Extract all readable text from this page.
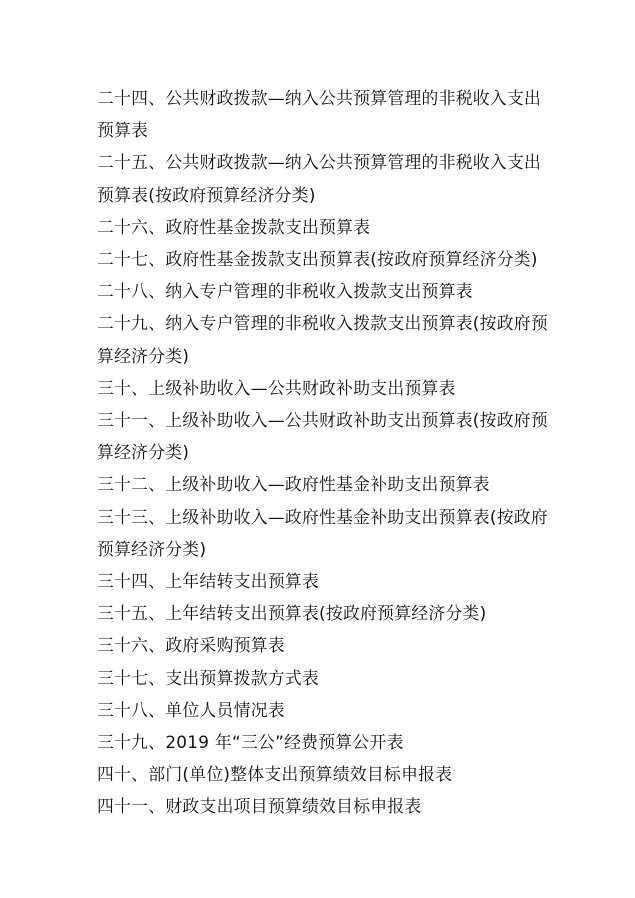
二十四、公共财政拨款—纳入公共预算管理的非税收入支出预算表
二十五、公共财政拨款—纳入公共预算管理的非税收入支出预算表(按政府预算经济分类)
二十六、政府性基金拨款支出预算表
二十七、政府性基金拨款支出预算表(按政府预算经济分类)
二十八、纳入专户管理的非税收入拨款支出预算表
二十九、纳入专户管理的非税收入拨款支出预算表(按政府预算经济分类)
三十、上级补助收入—公共财政补助支出预算表
三十一、上级补助收入—公共财政补助支出预算表(按政府预算经济分类)
三十二、上级补助收入—政府性基金补助支出预算表
三十三、上级补助收入—政府性基金补助支出预算表(按政府预算经济分类)
三十四、上年结转支出预算表
三十五、上年结转支出预算表(按政府预算经济分类)
三十六、政府采购预算表
三十七、支出预算拨款方式表
三十八、单位人员情况表
三十九、2019 年“三公”经费预算公开表
四十、部门(单位)整体支出预算绩效目标申报表
四十一、财政支出项目预算绩效目标申报表
